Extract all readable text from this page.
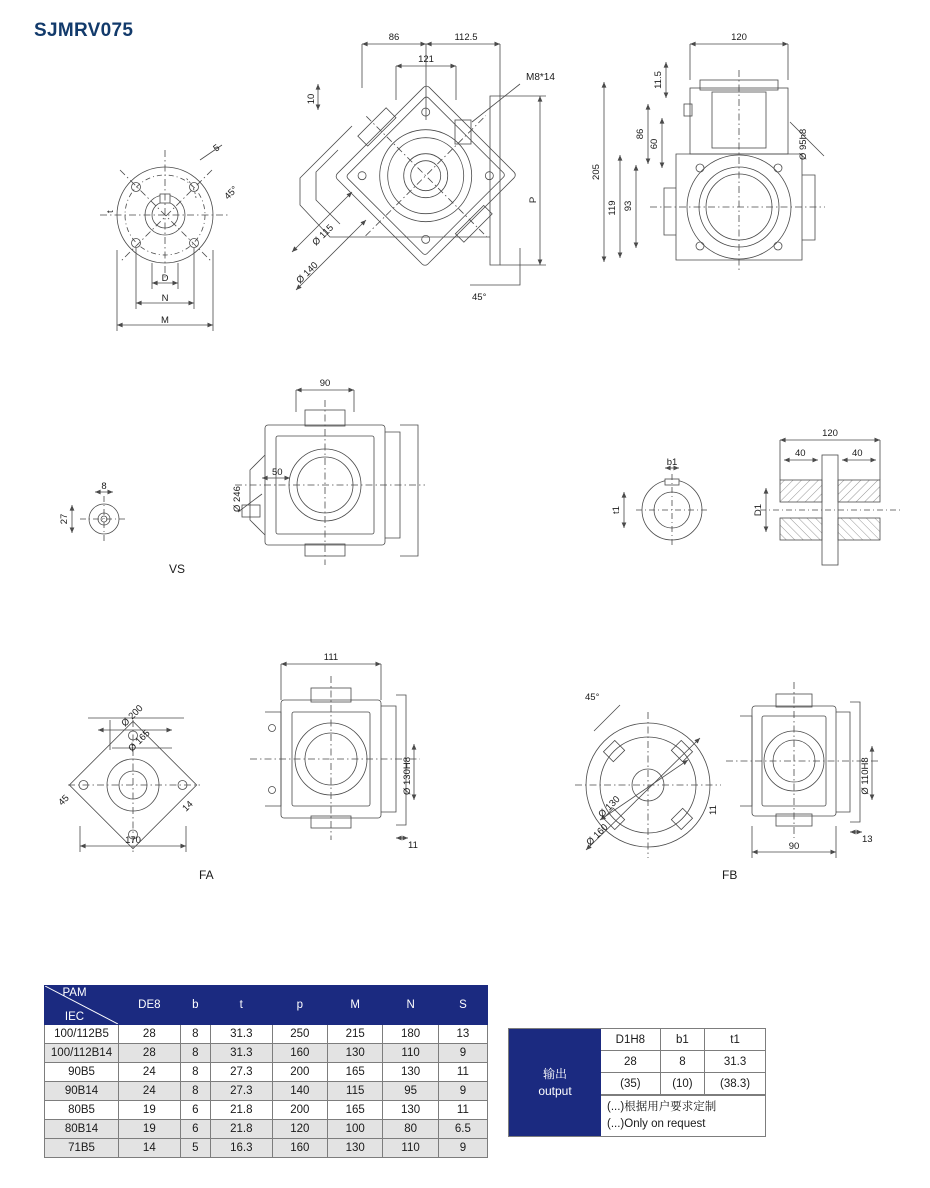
SJMRV075
5
45°
t
D
N
M
86	112.5
121
10
M8*14
Ø 115
Ø 140
P
45°
120
11.5
86
60
205
119 93
Ø 95h8
90
50
Ø 246
8
27
b1
t1
120
40	40
D1
Ø 200
Ø 165
45	14
170
111
Ø 130H8
11
45°
Ø 130
Ø 160
11
Ø 110H8
13
90
VS
FA	FB
PAM
IEC	DE8	b	t	p	M	N	S
100/112B5	28	8	31.3	250	215	180	13
100/112B14	28	8	31.3	160	130	110	9
90B5	24	8	27.3	200	165	130	11
90B14	24	8	27.3	140	115	95	9
80B5	19	6	21.8	200	165	130	11
80B14	19	6	21.8	120	100	80	6.5
71B5	14	5	16.3	160	130	110	9
输出
output
D1H8	b1	t1
28	8	31.3
(35)	(10)	(38.3)
(...)根据用户要求定制
(...)Only on request
